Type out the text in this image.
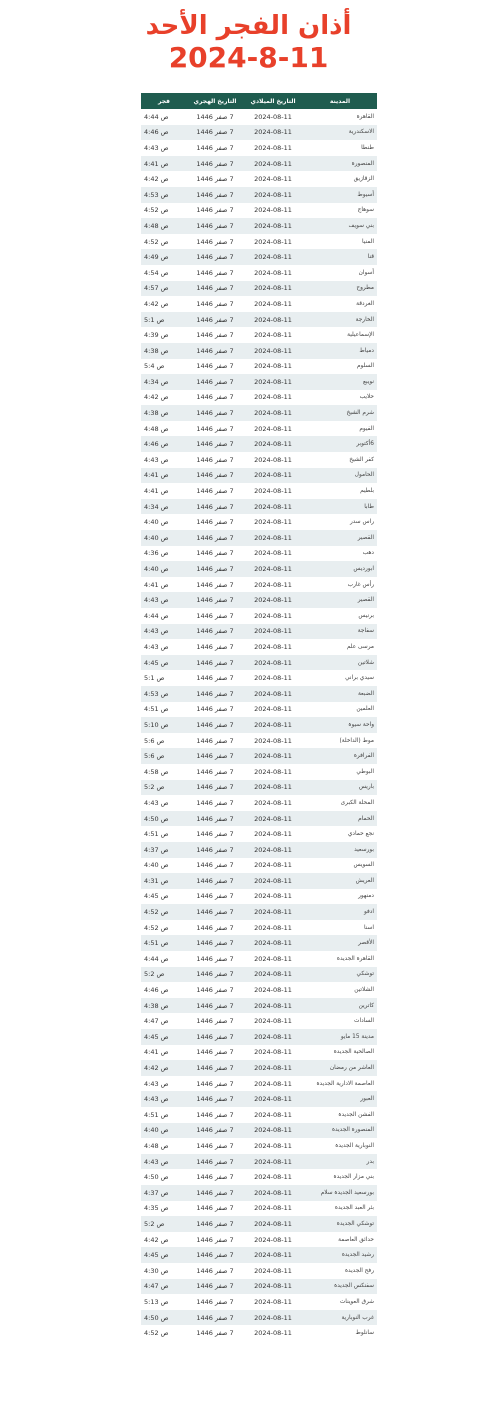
أذان الفجر الأحد
2024-8-11
المدينة	التاريخ الميلادي	التاريخ الهجري	فجر
القاهرة	2024-08-11	7 صفر 1446	4:44 ص
الاسكندرية	2024-08-11	7 صفر 1446	4:46 ص
طنطا	2024-08-11	7 صفر 1446	4:43 ص
المنصورة	2024-08-11	7 صفر 1446	4:41 ص
الزقازيق	2024-08-11	7 صفر 1446	4:42 ص
أسيوط	2024-08-11	7 صفر 1446	4:53 ص
سوهاج	2024-08-11	7 صفر 1446	4:52 ص
بني سويف	2024-08-11	7 صفر 1446	4:48 ص
المنيا	2024-08-11	7 صفر 1446	4:52 ص
قنا	2024-08-11	7 صفر 1446	4:49 ص
أسوان	2024-08-11	7 صفر 1446	4:54 ص
مطروح	2024-08-11	7 صفر 1446	4:57 ص
الغردقة	2024-08-11	7 صفر 1446	4:42 ص
الخارجة	2024-08-11	7 صفر 1446	5:1 ص
الإسماعيلية	2024-08-11	7 صفر 1446	4:39 ص
دمياط	2024-08-11	7 صفر 1446	4:38 ص
السلوم	2024-08-11	7 صفر 1446	5:4 ص
نويبع	2024-08-11	7 صفر 1446	4:34 ص
حلايب	2024-08-11	7 صفر 1446	4:42 ص
شرم الشيخ	2024-08-11	7 صفر 1446	4:38 ص
الفيوم	2024-08-11	7 صفر 1446	4:48 ص
6أكتوبر	2024-08-11	7 صفر 1446	4:46 ص
كفر الشيخ	2024-08-11	7 صفر 1446	4:43 ص
الحامول	2024-08-11	7 صفر 1446	4:41 ص
بلطيم	2024-08-11	7 صفر 1446	4:41 ص
طابا	2024-08-11	7 صفر 1446	4:34 ص
راس سدر	2024-08-11	7 صفر 1446	4:40 ص
القصير	2024-08-11	7 صفر 1446	4:40 ص
دهب	2024-08-11	7 صفر 1446	4:36 ص
ابورديس	2024-08-11	7 صفر 1446	4:40 ص
رأس غارب	2024-08-11	7 صفر 1446	4:41 ص
القصير	2024-08-11	7 صفر 1446	4:43 ص
برنيس	2024-08-11	7 صفر 1446	4:44 ص
سفاجة	2024-08-11	7 صفر 1446	4:43 ص
مرسى علم	2024-08-11	7 صفر 1446	4:43 ص
شلاتين	2024-08-11	7 صفر 1446	4:45 ص
سيدي براني	2024-08-11	7 صفر 1446	5:1 ص
الضبعة	2024-08-11	7 صفر 1446	4:53 ص
العلمين	2024-08-11	7 صفر 1446	4:51 ص
واحة سيوة	2024-08-11	7 صفر 1446	5:10 ص
موط (الداخلة)	2024-08-11	7 صفر 1446	5:6 ص
الفرافرة	2024-08-11	7 صفر 1446	5:6 ص
البوطي	2024-08-11	7 صفر 1446	4:58 ص
باريس	2024-08-11	7 صفر 1446	5:2 ص
المحلة الكبرى	2024-08-11	7 صفر 1446	4:43 ص
الحمام	2024-08-11	7 صفر 1446	4:50 ص
نجع حمادي	2024-08-11	7 صفر 1446	4:51 ص
بورسعيد	2024-08-11	7 صفر 1446	4:37 ص
السويس	2024-08-11	7 صفر 1446	4:40 ص
العريش	2024-08-11	7 صفر 1446	4:31 ص
دمنهور	2024-08-11	7 صفر 1446	4:45 ص
ادفو	2024-08-11	7 صفر 1446	4:52 ص
اسنا	2024-08-11	7 صفر 1446	4:52 ص
الأقصر	2024-08-11	7 صفر 1446	4:51 ص
القاهرة الجديدة	2024-08-11	7 صفر 1446	4:44 ص
توشكي	2024-08-11	7 صفر 1446	5:2 ص
الشلاتين	2024-08-11	7 صفر 1446	4:46 ص
كاترين	2024-08-11	7 صفر 1446	4:38 ص
السادات	2024-08-11	7 صفر 1446	4:47 ص
مدينة 15 مايو	2024-08-11	7 صفر 1446	4:45 ص
الصالحية الجديدة	2024-08-11	7 صفر 1446	4:41 ص
العاشر من رمضان	2024-08-11	7 صفر 1446	4:42 ص
العاصمة الادارية الجديدة	2024-08-11	7 صفر 1446	4:43 ص
العبور	2024-08-11	7 صفر 1446	4:43 ص
الفشن الجديدة	2024-08-11	7 صفر 1446	4:51 ص
المنصورة الجديدة	2024-08-11	7 صفر 1446	4:40 ص
النوبارية الجديدة	2024-08-11	7 صفر 1446	4:48 ص
بدر	2024-08-11	7 صفر 1446	4:43 ص
بني مزار الجديدة	2024-08-11	7 صفر 1446	4:50 ص
بورسعيد الجديدة سلام	2024-08-11	7 صفر 1446	4:37 ص
بئر العبد الجديدة	2024-08-11	7 صفر 1446	4:35 ص
توشكي الجديدة	2024-08-11	7 صفر 1446	5:2 ص
حدائق العاصمة	2024-08-11	7 صفر 1446	4:42 ص
رشيد الجديدة	2024-08-11	7 صفر 1446	4:45 ص
رفح الجديدة	2024-08-11	7 صفر 1446	4:30 ص
سفنكس الجديدة	2024-08-11	7 صفر 1446	4:47 ص
شرق العوينات	2024-08-11	7 صفر 1446	5:13 ص
غرب النوبارية	2024-08-11	7 صفر 1446	4:50 ص
سانلوط	2024-08-11	7 صفر 1446	4:52 ص
